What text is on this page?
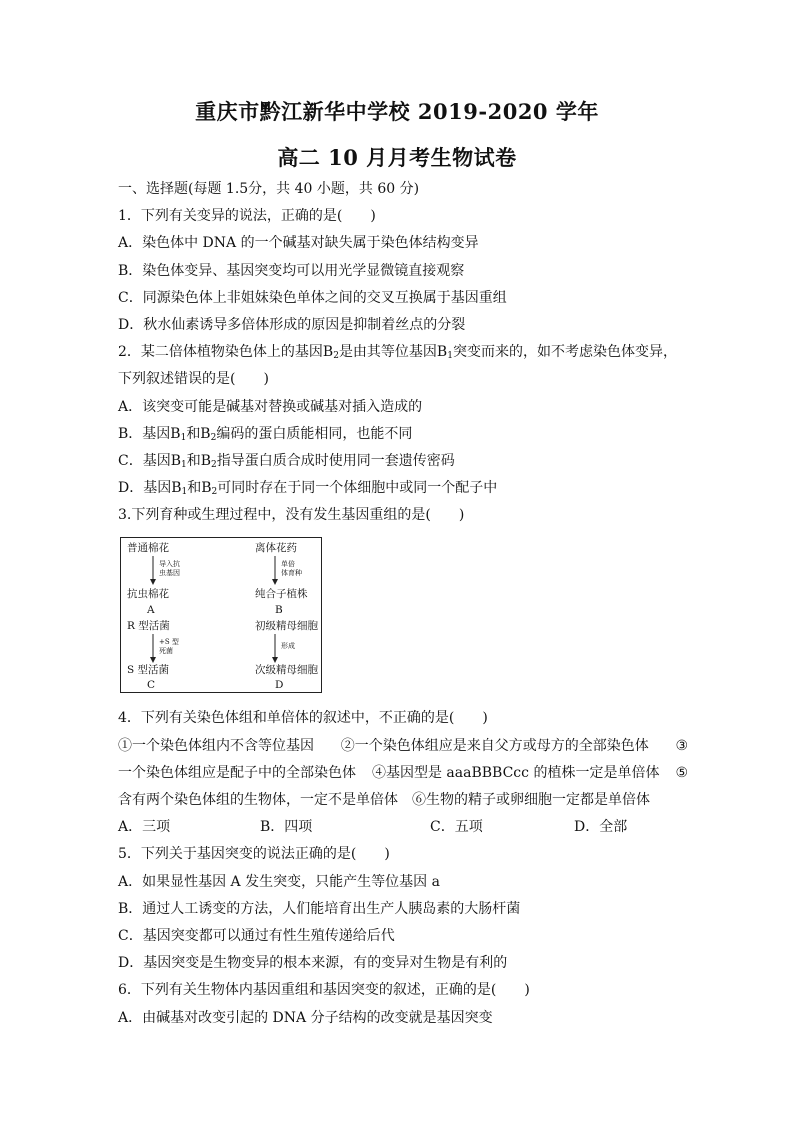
重庆市黔江新华中学校 2019-2020 学年
高二 10 月月考生物试卷
一、选择题(每题 1.5分，共 40 小题，共 60 分)
1．下列有关变异的说法，正确的是(　　)
A．染色体中 DNA 的一个碱基对缺失属于染色体结构变异
B．染色体变异、基因突变均可以用光学显微镜直接观察
C．同源染色体上非姐妹染色单体之间的交叉互换属于基因重组
D．秋水仙素诱导多倍体形成的原因是抑制着丝点的分裂
2．某二倍体植物染色体上的基因$B_2$是由其等位基因$B_1$突变而来的，如不考虑染色体变异，
下列叙述错误的是(　　)
A．该突变可能是碱基对替换或碱基对插入造成的
B．基因$B_1$和$B_2$编码的蛋白质能相同，也能不同
C．基因$B_1$和$B_2$指导蛋白质合成时使用同一套遗传密码
D．基因$B_1$和$B_2$可同时存在于同一个体细胞中或同一个配子中
3.下列育种或生理过程中，没有发生基因重组的是(　　)
普通棉花
导入抗
虫基因
抗虫棉花
A
离体花药
单倍
体育种
纯合子植株
B
R 型活菌
+S 型
死菌
S 型活菌
C
初级精母细胞
形成
次级精母细胞
D
4．下列有关染色体组和单倍体的叙述中，不正确的是(　　)
①一个染色体组内不含等位基因 ②一个染色体组应是来自父方或母方的全部染色体 ③
一个染色体组应是配子中的全部染色体 ④基因型是 aaaBBBCcc 的植株一定是单倍体 ⑤
含有两个染色体组的生物体，一定不是单倍体 ⑥生物的精子或卵细胞一定都是单倍体
A．三项	B．四项	C．五项	D．全部
5．下列关于基因突变的说法正确的是(　　)
A．如果显性基因 A 发生突变，只能产生等位基因 a
B．通过人工诱变的方法，人们能培育出生产人胰岛素的大肠杆菌
C．基因突变都可以通过有性生殖传递给后代
D．基因突变是生物变异的根本来源，有的变异对生物是有利的
6．下列有关生物体内基因重组和基因突变的叙述，正确的是(　　)
A．由碱基对改变引起的 DNA 分子结构的改变就是基因突变
